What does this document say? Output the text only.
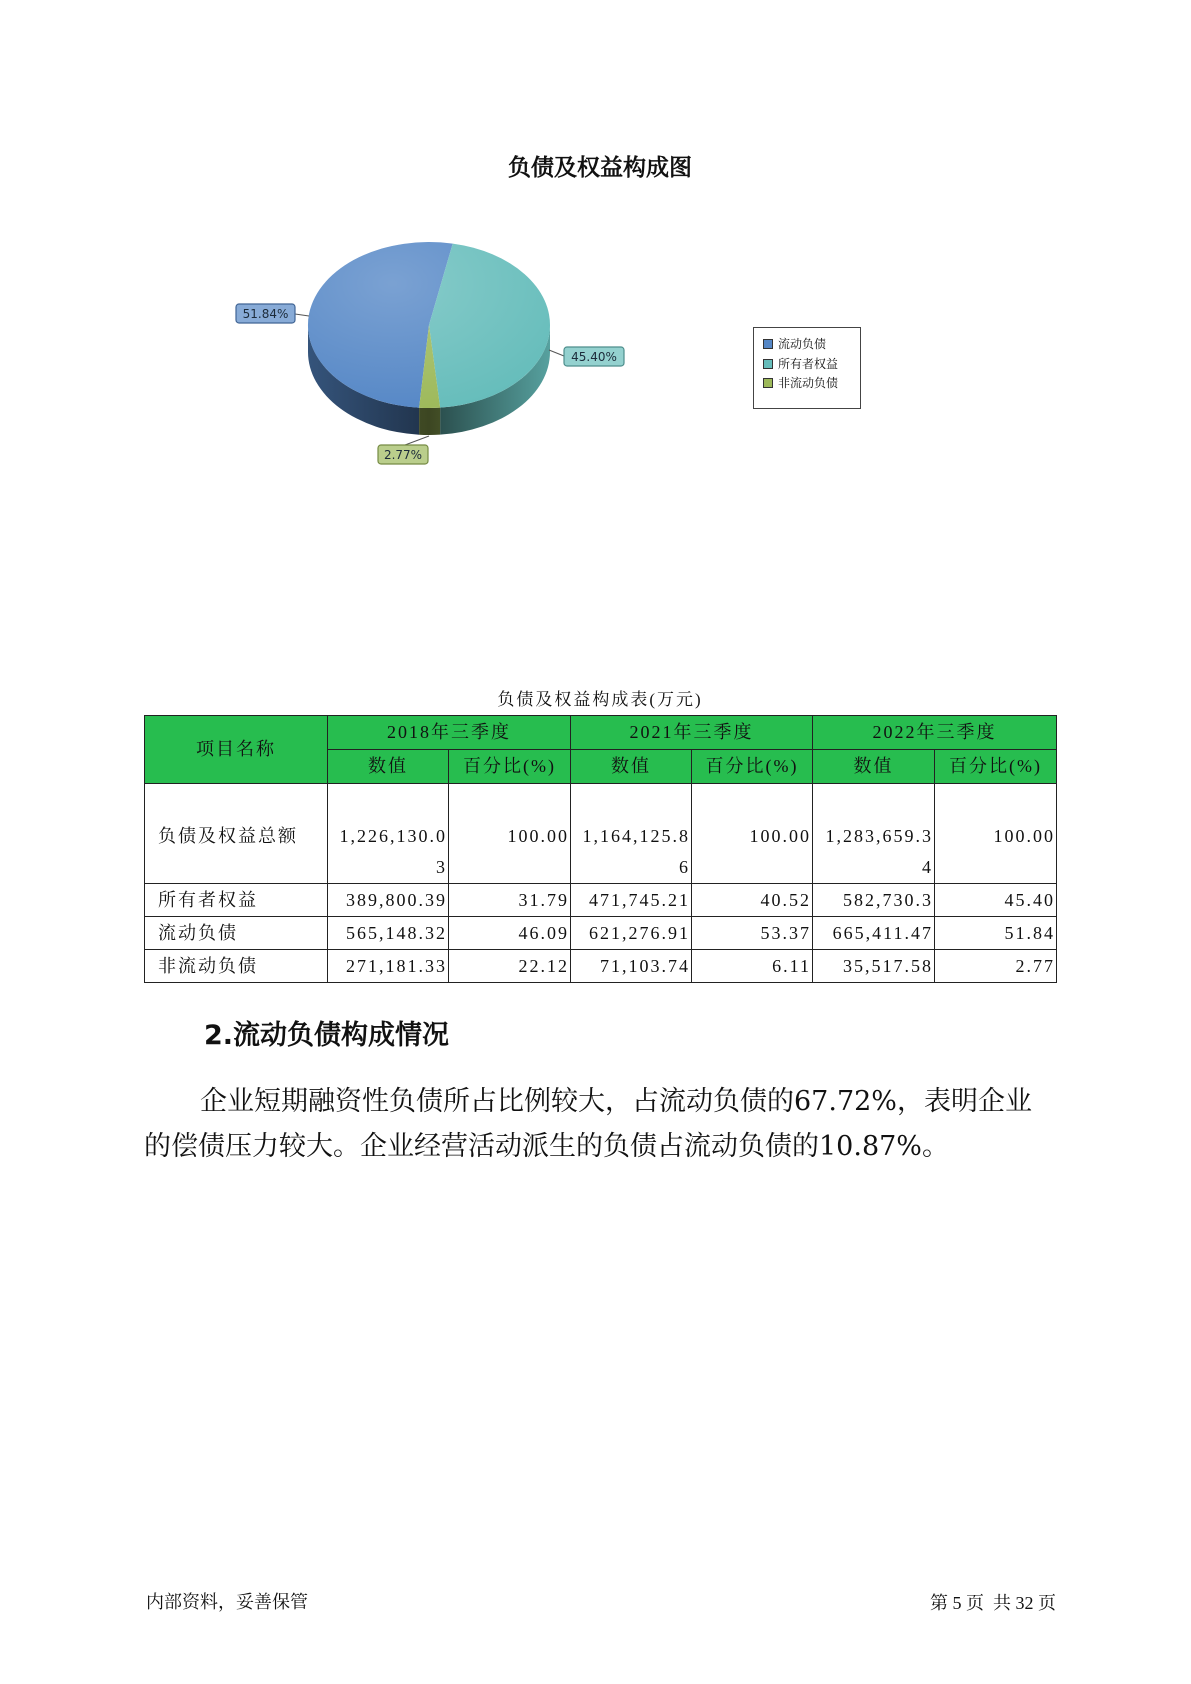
负债及权益构成图
51.84%
45.40%
2.77%
流动负债
所有者权益
非流动负债
负债及权益构成表(万元)
项目名称	2018年三季度		2021年三季度		2022年三季度	
	数值	百分比(%)	数值	百分比(%)	数值	百分比(%)
负债及权益总额	1,226,130.03	100.00	1,164,125.86	100.00	1,283,659.34	100.00
所有者权益	389,800.39	31.79	471,745.21	40.52	582,730.3	45.40
流动负债	565,148.32	46.09	621,276.91	53.37	665,411.47	51.84
非流动负债	271,181.33	22.12	71,103.74	6.11	35,517.58	2.77
2.流动负债构成情况
企业短期融资性负债所占比例较大，占流动负债的67.72%，表明企业的偿债压力较大。企业经营活动派生的负债占流动负债的10.87%。
内部资料，妥善保管	第 5 页  共 32 页
